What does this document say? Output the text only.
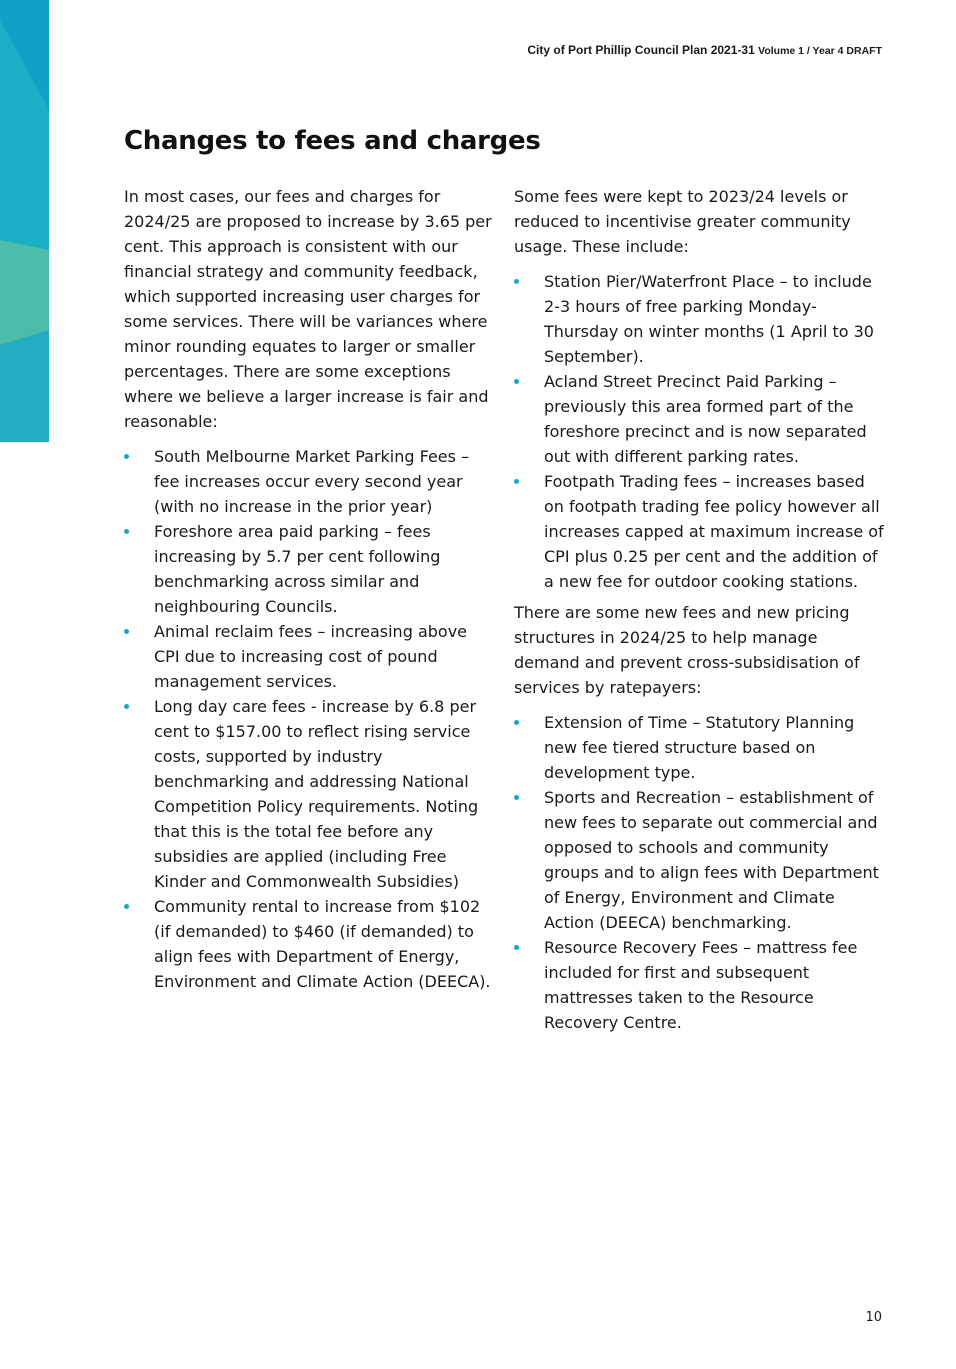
City of Port Phillip Council Plan 2021-31 Volume 1 / Year 4 DRAFT
Changes to fees and charges

In most cases, our fees and charges for 2024/25 are proposed to increase by 3.65 per cent. This approach is consistent with our financial strategy and community feedback, which supported increasing user charges for some services. There will be variances where minor rounding equates to larger or smaller percentages. There are some exceptions where we believe a larger increase is fair and reasonable:

South Melbourne Market Parking Fees – fee increases occur every second year (with no increase in the prior year)
Foreshore area paid parking – fees increasing by 5.7 per cent following benchmarking across similar and neighbouring Councils.
Animal reclaim fees – increasing above CPI due to increasing cost of pound management services.
Long day care fees - increase by 6.8 per cent to $157.00 to reflect rising service costs, supported by industry benchmarking and addressing National Competition Policy requirements. Noting that this is the total fee before any subsidies are applied (including Free Kinder and Commonwealth Subsidies)
Community rental to increase from $102 (if demanded) to $460 (if demanded) to align fees with Department of Energy, Environment and Climate Action (DEECA).

Some fees were kept to 2023/24 levels or reduced to incentivise greater community usage. These include:

Station Pier/Waterfront Place – to include 2-3 hours of free parking Monday-Thursday on winter months (1 April to 30 September).
Acland Street Precinct Paid Parking – previously this area formed part of the foreshore precinct and is now separated out with different parking rates.
Footpath Trading fees – increases based on footpath trading fee policy however all increases capped at maximum increase of CPI plus 0.25 per cent and the addition of a new fee for outdoor cooking stations.

There are some new fees and new pricing structures in 2024/25 to help manage demand and prevent cross-subsidisation of services by ratepayers:

Extension of Time – Statutory Planning new fee tiered structure based on development type.
Sports and Recreation – establishment of new fees to separate out commercial and opposed to schools and community groups and to align fees with Department of Energy, Environment and Climate Action (DEECA) benchmarking.
Resource Recovery Fees – mattress fee included for first and subsequent mattresses taken to the Resource Recovery Centre.
10
